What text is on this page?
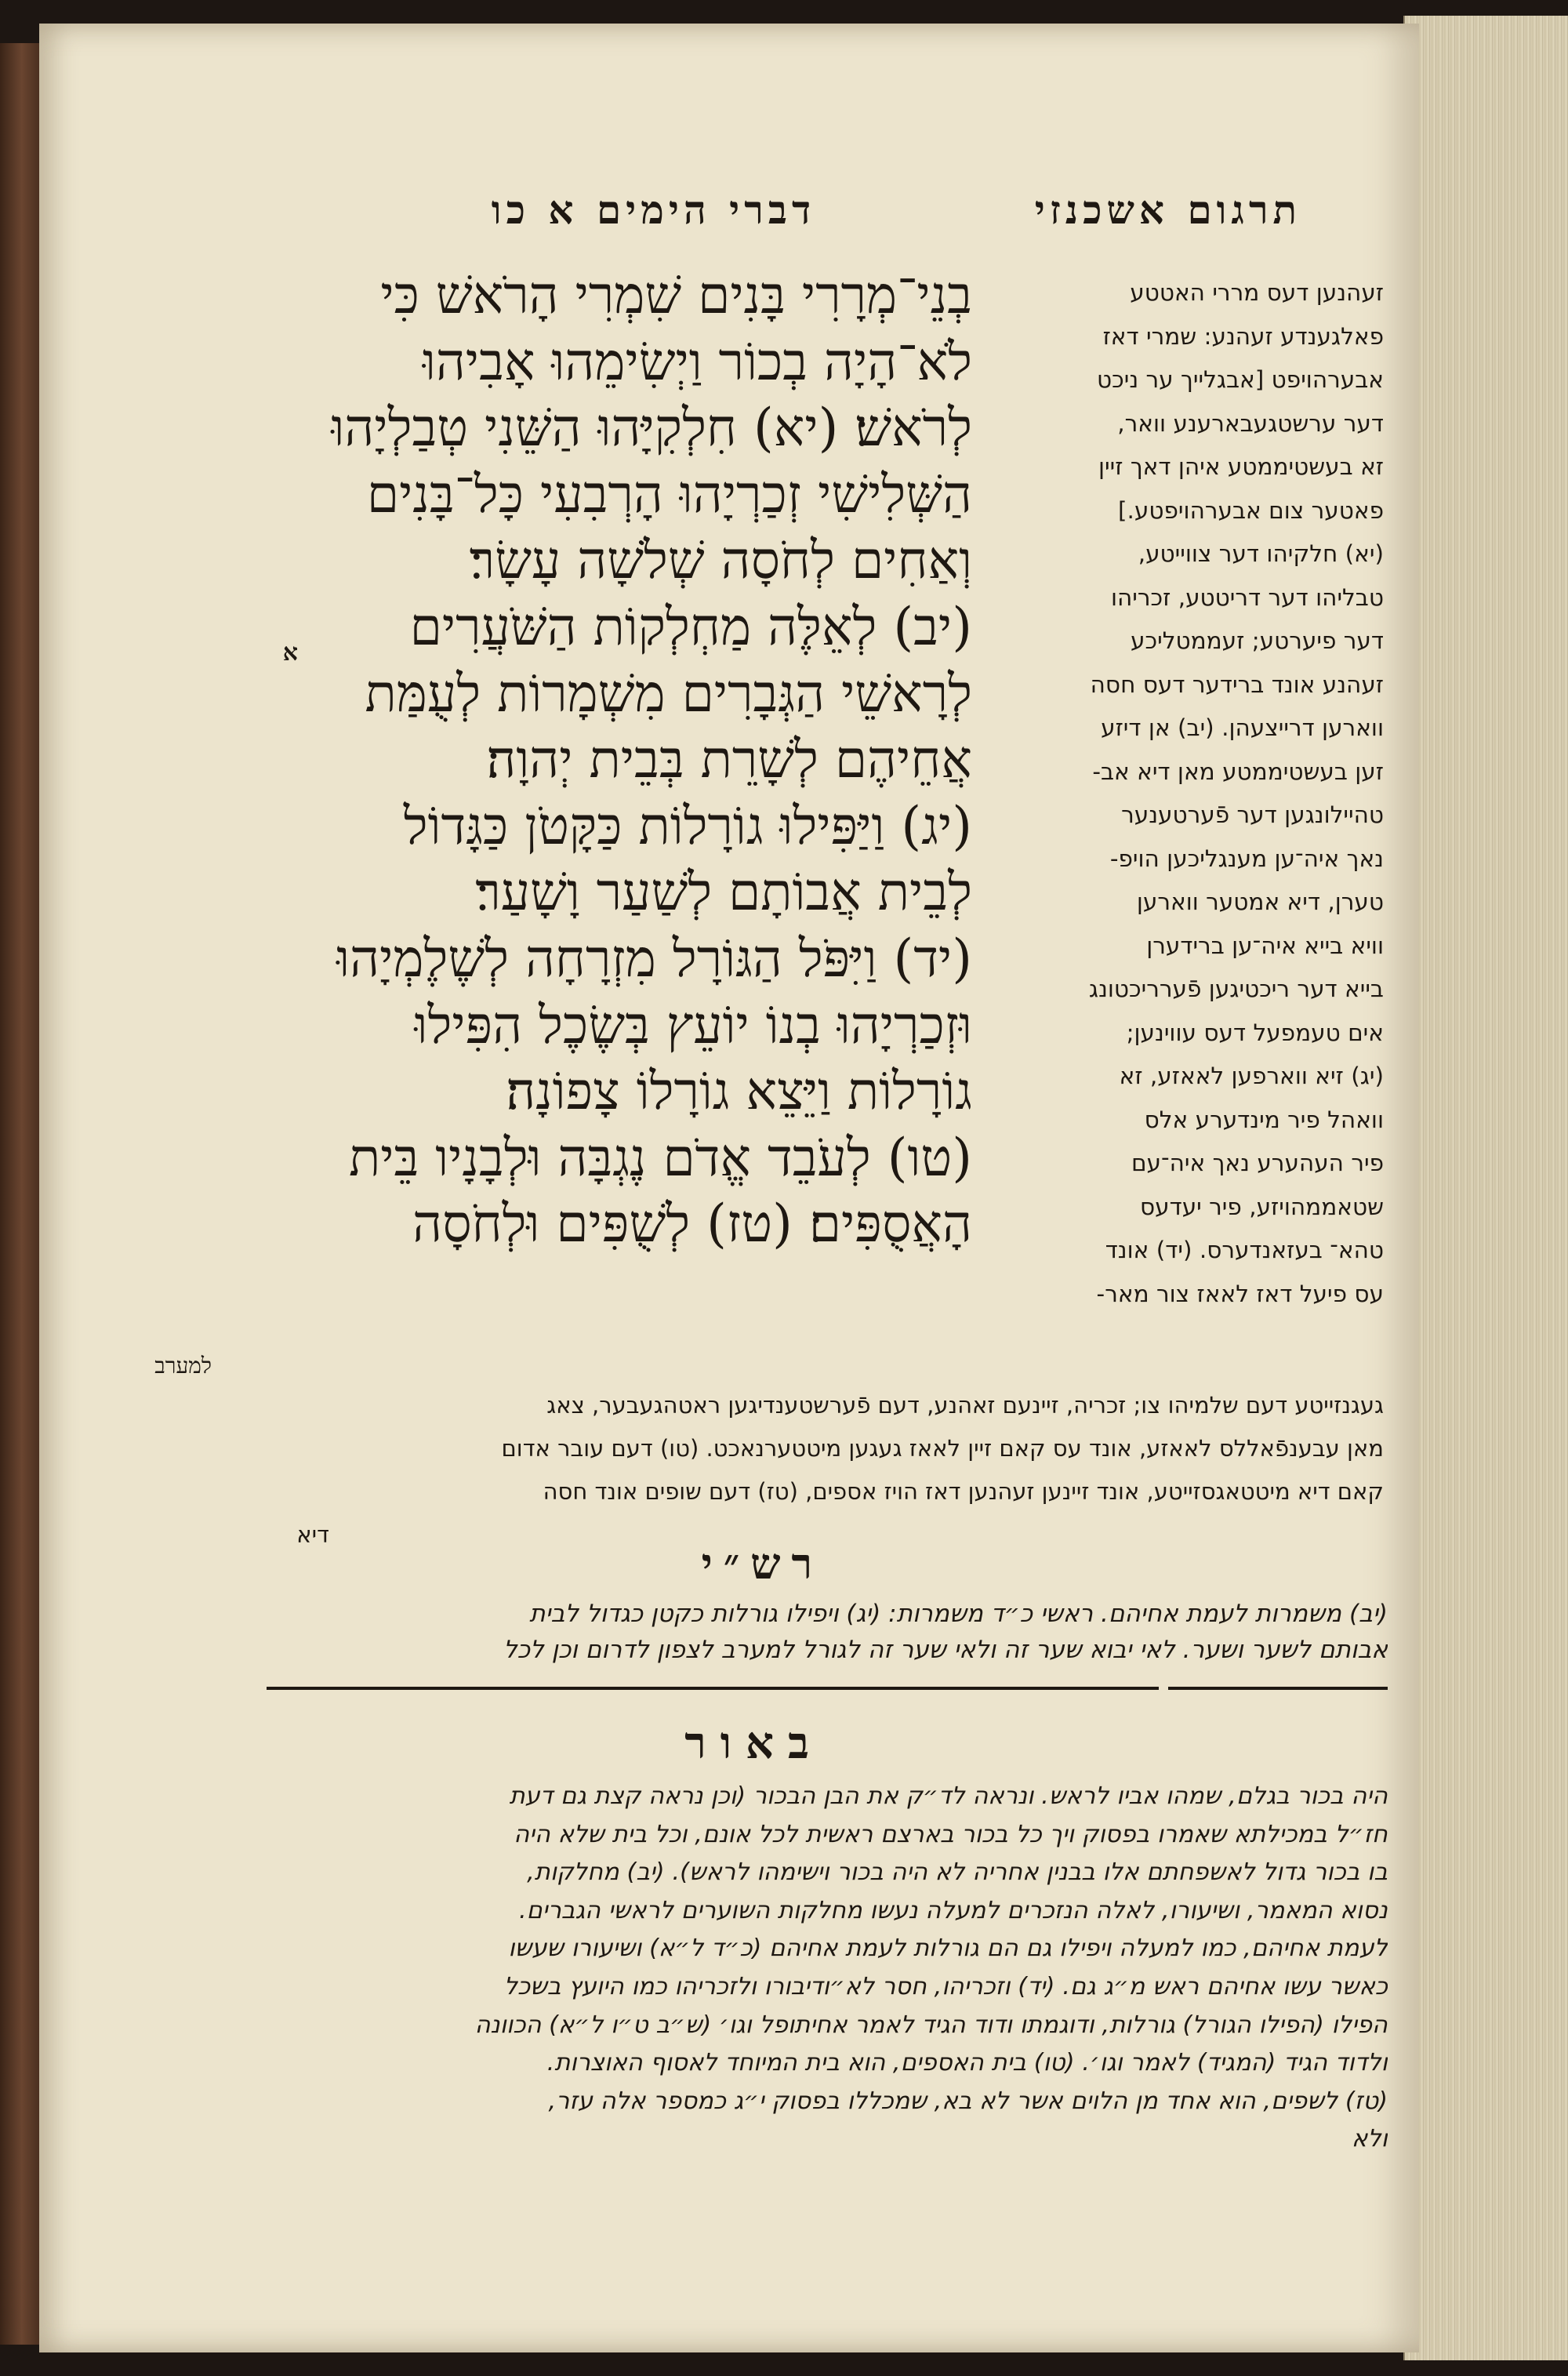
תרגום אשכנזי
דברי הימים א כו
בְנֵי־מְרָרִי בָּנִים שִׁמְרִי הָרֹאשׁ כִּי
לֹא־הָיָה בְכוֹר וַיְשִׂימֵהוּ אָבִיהוּ
לְרֹאשׁ׃ (יא) חִלְקִיָּהוּ הַשֵּׁנִי טְבַלְיָהוּ
הַשְּׁלִישִׁי זְכַרְיָהוּ הָרְבִעִי כָּל־בָּנִים
וְאַחִים לְחֹסָה שְׁלֹשָׁה עָשָׂר׃
(יב) לְאֵלֶּה מַחְלְקוֹת הַשֹּׁעֲרִים
לְרָאשֵׁי הַגְּבָרִים מִשְׁמָרוֹת לְעֻמַּת
אֲחֵיהֶם לְשָׁרֵת בְּבֵית יְהוָה׃
(יג) וַיַּפִּילוּ גוֹרָלוֹת כַּקָּטֹן כַּגָּדוֹל
לְבֵית אֲבוֹתָם לְשַׁעַר וָשָׁעַר׃
(יד) וַיִּפֹּל הַגּוֹרָל מִזְרָחָה לְשֶׁלֶמְיָהוּ
וּזְכַרְיָהוּ בְנוֹ יוֹעֵץ בְּשֶׂכֶל הִפִּילוּ
גוֹרָלוֹת וַיֵּצֵא גוֹרָלוֹ צָפוֹנָה׃
(טו) לְעֹבֵד אֱדֹם נֶגְבָּה וּלְבָנָיו בֵּית
הָאֲסֻפִּים׃ (טז) לְשֻׁפִּים וּלְחֹסָה
א
זעהנען דעס מררי האטטע
פאלגענדע זעהנע: שמרי דאז
אבערהויפט [אבגלייך ער ניכט
דער ערשטגעבארענע וואר,
זא בעשטיממטע איהן דאך זיין
פאטער צום אבערהויפטע.]
(יא) חלקיהו דער צווייטע,
טבליהו דער דריטטע, זכריהו
דער פיערטע; זעממטליכע
זעהנע אונד ברידער דעס חסה
ווארען דרייצעהן. (יב) אן דיזע
זען בעשטיממטע מאן דיא אב-
טהיילונגען דער פֿערטענער
נאך איה־ען מענגליכען הויפ-
טערן, דיא אמטער ווארען
וויא בייא איה־ען ברידערן
בייא דער ריכטיגען פֿערריכטונג
אים טעמפעל דעס עווינען;
(יג) זיא ווארפען לאאזע, זא
וואהל פיר מינדערע אלס
פיר העהערע נאך איה־עם
שטאממהויזע, פיר יעדעס
טהא־ בעזאנדערס. (יד) אונד
עס פיעל דאז לאאז צור מאר-
למערב
געגנזייטע דעם שלמיהו צו; זכריה, זיינעם זאהנע, דעם פֿערשטענדיגען ראטהגעבער, צאג
מאן עבענפֿאללס לאאזע, אונד עס קאם זיין לאאז געגען מיטטערנאכט. (טו) דעם עובר אדום
קאם דיא מיטטאגסזייטע, אונד זיינען זעהנען דאז הויז אספים, (טז) דעם שופים אונד חסה
דיא
רש״י
(יב) משמרות לעמת אחיהם. ראשי כ״ד משמרות: (יג) ויפילו גורלות כקטן כגדול לבית
אבותם לשער ושער. לאי יבוא שער זה ולאי שער זה לגורל למערב לצפון לדרום וכן לכל
באור
היה בכור בגלם, שמהו אביו לראש. ונראה לד״ק את הבן הבכור (וכן נראה קצת גם דעת
חז״ל במכילתא שאמרו בפסוק ויך כל בכור בארצם ראשית לכל אונם, וכל בית שלא היה
בו בכור גדול לאשפחתם אלו בבנין אחריה לא היה בכור וישימהו לראש). (יב) מחלקות,
נסוא המאמר, ושיעורו, לאלה הנזכרים למעלה נעשו מחלקות השוערים לראשי הגברים.
לעמת אחיהם, כמו למעלה ויפילו גם הם גורלות לעמת אחיהם (כ״ד ל״א) ושיעורו שעשו
כאשר עשו אחיהם ראש מ״ג גם. (יד) וזכריהו, חסר לא״ודיבורו ולזכריהו כמו היועץ בשכל
הפילו (הפילו הגורל) גורלות, ודוגמתו ודוד הגיד לאמר אחיתופל וגו׳ (ש״ב ט״ו ל״א) הכוונה
ולדוד הגיד (המגיד) לאמר וגו׳. (טו) בית האספים, הוא בית המיוחד לאסוף האוצרות.
(טז) לשפים, הוא אחד מן הלוים אשר לא בא, שמכללו בפסוק י״ג כמספר אלה עזר,
ולא
